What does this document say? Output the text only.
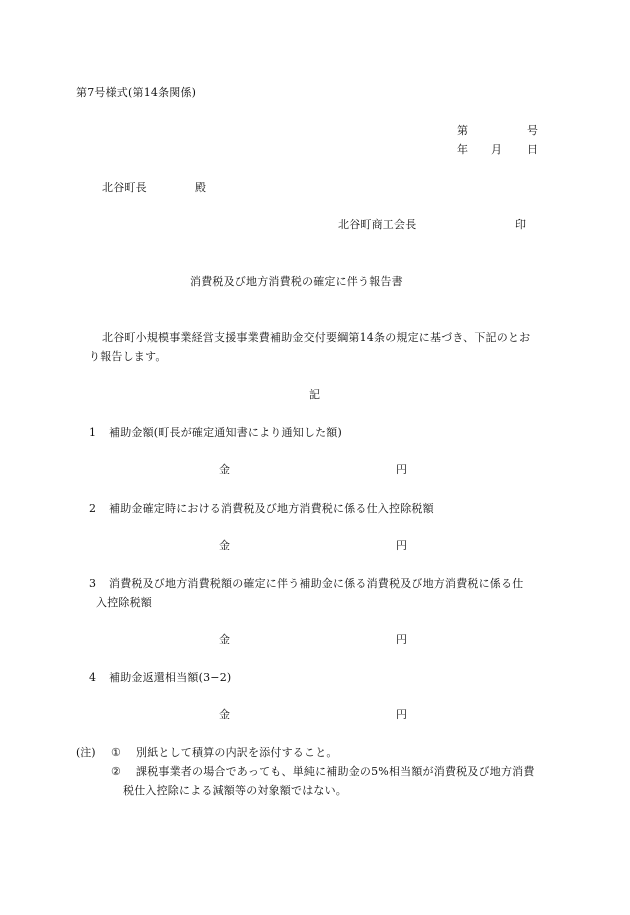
第7号様式(第14条関係)
第	号
年 月 日
北谷町長	殿
北谷町商工会長	印
消費税及び地方消費税の確定に伴う報告書
北谷町小規模事業経営支援事業費補助金交付要綱第14条の規定に基づき、下記のとお
り報告します。
記
1 補助金額(町長が確定通知書により通知した額)
金	円
2 補助金確定時における消費税及び地方消費税に係る仕入控除税額
金	円
3 消費税及び地方消費税額の確定に伴う補助金に係る消費税及び地方消費税に係る仕
入控除税額
金	円
4 補助金返還相当額(3−2)
金	円
(注) ① 別紙として積算の内訳を添付すること。
② 課税事業者の場合であっても、単純に補助金の5%相当額が消費税及び地方消費
税仕入控除による減額等の対象額ではない。
